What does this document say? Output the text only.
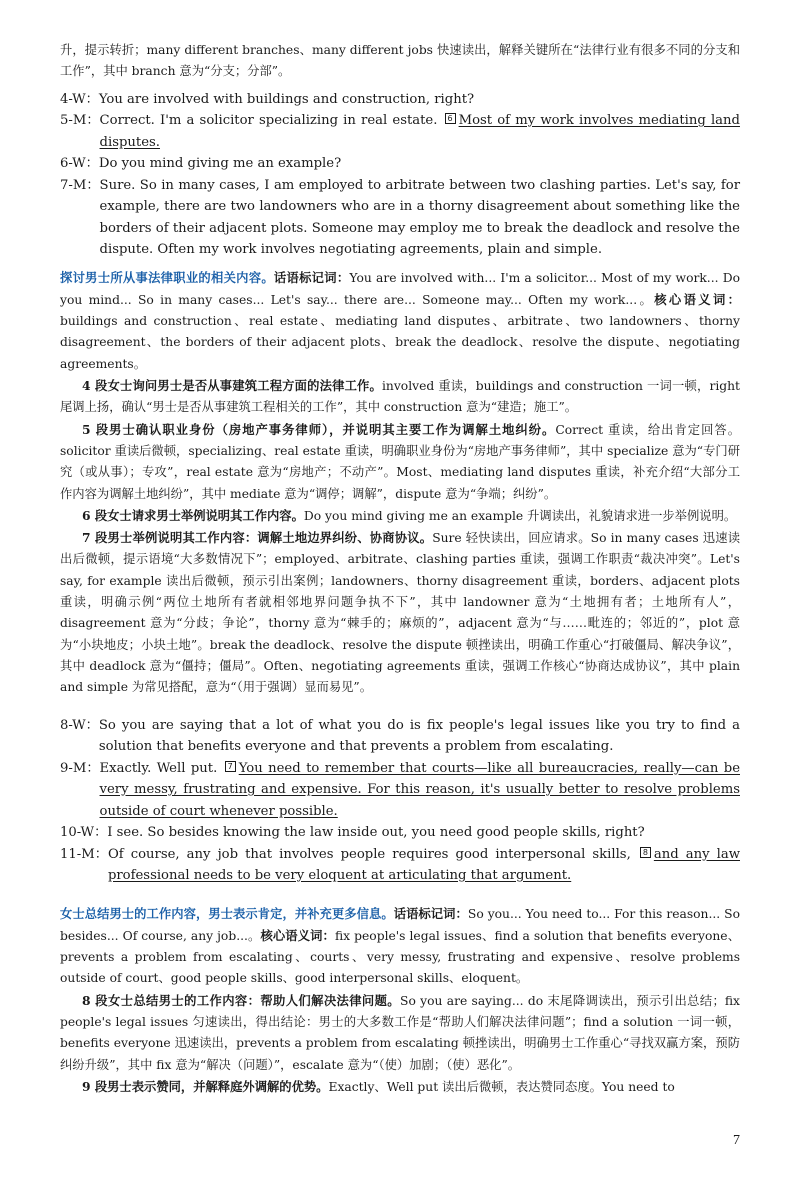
升，提示转折；many different branches、many different jobs 快速读出，解释关键所在“法律行业有很多不同的分支和工作”，其中 branch 意为“分支；分部”。

4-W： You are involved with buildings and construction, right?
5-M： Correct. I'm a solicitor specializing in real estate. 6 Most of my work involves mediating land disputes.
6-W： Do you mind giving me an example?
7-M： Sure. So in many cases, I am employed to arbitrate between two clashing parties. Let's say, for example, there are two landowners who are in a thorny disagreement about something like the borders of their adjacent plots. Someone may employ me to break the deadlock and resolve the dispute. Often my work involves negotiating agreements, plain and simple.

探讨男士所从事法律职业的相关内容。话语标记词：You are involved with... I'm a solicitor... Most of my work... Do you mind... So in many cases... Let's say... there are... Someone may... Often my work...。核心语义词：buildings and construction、real estate、mediating land disputes、arbitrate、two landowners、thorny disagreement、the borders of their adjacent plots、break the deadlock、resolve the dispute、negotiating agreements。

4 段女士询问男士是否从事建筑工程方面的法律工作。involved 重读，buildings and construction 一词一顿，right 尾调上扬，确认“男士是否从事建筑工程相关的工作”，其中 construction 意为“建造；施工”。

5 段男士确认职业身份（房地产事务律师），并说明其主要工作为调解土地纠纷。Correct 重读，给出肯定回答。solicitor 重读后微顿，specializing、real estate 重读，明确职业身份为“房地产事务律师”，其中 specialize 意为“专门研究（或从事）；专攻”，real estate 意为“房地产；不动产”。Most、mediating land disputes 重读，补充介绍“大部分工作内容为调解土地纠纷”，其中 mediate 意为“调停；调解”，dispute 意为“争端；纠纷”。

6 段女士请求男士举例说明其工作内容。Do you mind giving me an example 升调读出，礼貌请求进一步举例说明。

7 段男士举例说明其工作内容：调解土地边界纠纷、协商协议。Sure 轻快读出，回应请求。So in many cases 迅速读出后微顿，提示语境“大多数情况下”；employed、arbitrate、clashing parties 重读，强调工作职责“裁决冲突”。Let's say, for example 读出后微顿，预示引出案例；landowners、thorny disagreement 重读，borders、adjacent plots 重读，明确示例“两位土地所有者就相邻地界问题争执不下”，其中 landowner 意为“土地拥有者；土地所有人”，disagreement 意为“分歧；争论”，thorny 意为“棘手的；麻烦的”，adjacent 意为“与……毗连的；邻近的”，plot 意为“小块地皮；小块土地”。break the deadlock、resolve the dispute 顿挫读出，明确工作重心“打破僵局、解决争议”，其中 deadlock 意为“僵持；僵局”。Often、negotiating agreements 重读，强调工作核心“协商达成协议”，其中 plain and simple 为常见搭配，意为“（用于强调）显而易见”。

8-W： So you are saying that a lot of what you do is fix people's legal issues like you try to find a solution that benefits everyone and that prevents a problem from escalating.
9-M： Exactly. Well put. 7 You need to remember that courts—like all bureaucracies, really—can be very messy, frustrating and expensive. For this reason, it's usually better to resolve problems outside of court whenever possible.
10-W： I see. So besides knowing the law inside out, you need good people skills, right?
11-M： Of course, any job that involves people requires good interpersonal skills, 8 and any law professional needs to be very eloquent at articulating that argument.

女士总结男士的工作内容，男士表示肯定，并补充更多信息。话语标记词：So you... You need to... For this reason... So besides... Of course, any job...。核心语义词：fix people's legal issues、find a solution that benefits everyone、prevents a problem from escalating、courts、very messy, frustrating and expensive、resolve problems outside of court、good people skills、good interpersonal skills、eloquent。

8 段女士总结男士的工作内容：帮助人们解决法律问题。So you are saying... do 末尾降调读出，预示引出总结；fix people's legal issues 匀速读出，得出结论：男士的大多数工作是“帮助人们解决法律问题”；find a solution 一词一顿，benefits everyone 迅速读出，prevents a problem from escalating 顿挫读出，明确男士工作重心“寻找双赢方案，预防纠纷升级”，其中 fix 意为“解决（问题）”，escalate 意为“（使）加剧；（使）恶化”。

9 段男士表示赞同，并解释庭外调解的优势。Exactly、Well put 读出后微顿，表达赞同态度。You need to

7
